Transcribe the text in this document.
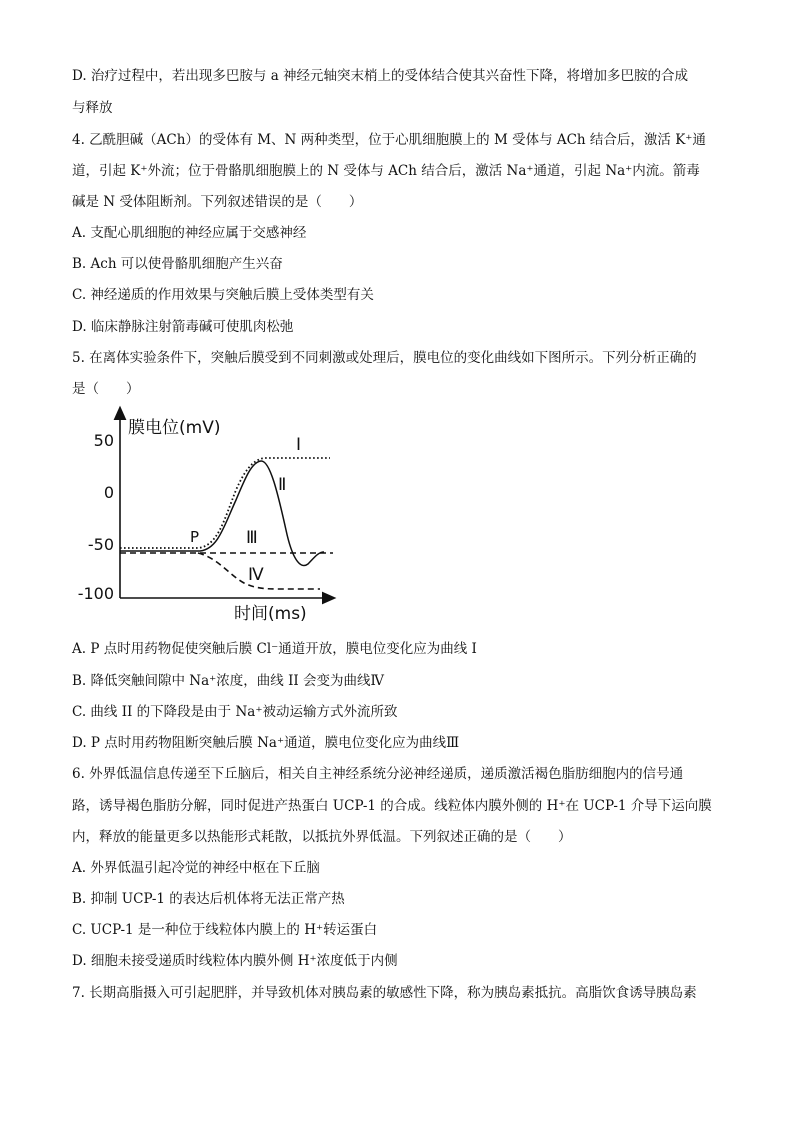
D. 治疗过程中，若出现多巴胺与 a 神经元轴突末梢上的受体结合使其兴奋性下降，将增加多巴胺的合成
与释放
4. 乙酰胆碱（ACh）的受体有 M、N 两种类型，位于心肌细胞膜上的 M 受体与 ACh 结合后，激活 K⁺通
道，引起 K⁺外流；位于骨骼肌细胞膜上的 N 受体与 ACh 结合后，激活 Na⁺通道，引起 Na⁺内流。箭毒
碱是 N 受体阻断剂。下列叙述错误的是（　　）
A. 支配心肌细胞的神经应属于交感神经
B. Ach 可以使骨骼肌细胞产生兴奋
C. 神经递质的作用效果与突触后膜上受体类型有关
D. 临床静脉注射箭毒碱可使肌肉松弛
5. 在离体实验条件下，突触后膜受到不同刺激或处理后，膜电位的变化曲线如下图所示。下列分析正确的
是（　　）
膜电位(mV)
时间(ms)
50
0
-50
-100
P
I
Ⅱ
Ⅲ
Ⅳ
A. P 点时用药物促使突触后膜 Cl⁻通道开放，膜电位变化应为曲线 I
B. 降低突触间隙中 Na⁺浓度，曲线 II 会变为曲线Ⅳ
C. 曲线 II 的下降段是由于 Na⁺被动运输方式外流所致
D. P 点时用药物阻断突触后膜 Na⁺通道，膜电位变化应为曲线Ⅲ
6. 外界低温信息传递至下丘脑后，相关自主神经系统分泌神经递质，递质激活褐色脂肪细胞内的信号通
路，诱导褐色脂肪分解，同时促进产热蛋白 UCP-1 的合成。线粒体内膜外侧的 H⁺在 UCP-1 介导下运向膜
内，释放的能量更多以热能形式耗散，以抵抗外界低温。下列叙述正确的是（　　）
A. 外界低温引起冷觉的神经中枢在下丘脑
B. 抑制 UCP-1 的表达后机体将无法正常产热
C. UCP-1 是一种位于线粒体内膜上的 H⁺转运蛋白
D. 细胞未接受递质时线粒体内膜外侧 H⁺浓度低于内侧
7. 长期高脂摄入可引起肥胖，并导致机体对胰岛素的敏感性下降，称为胰岛素抵抗。高脂饮食诱导胰岛素
